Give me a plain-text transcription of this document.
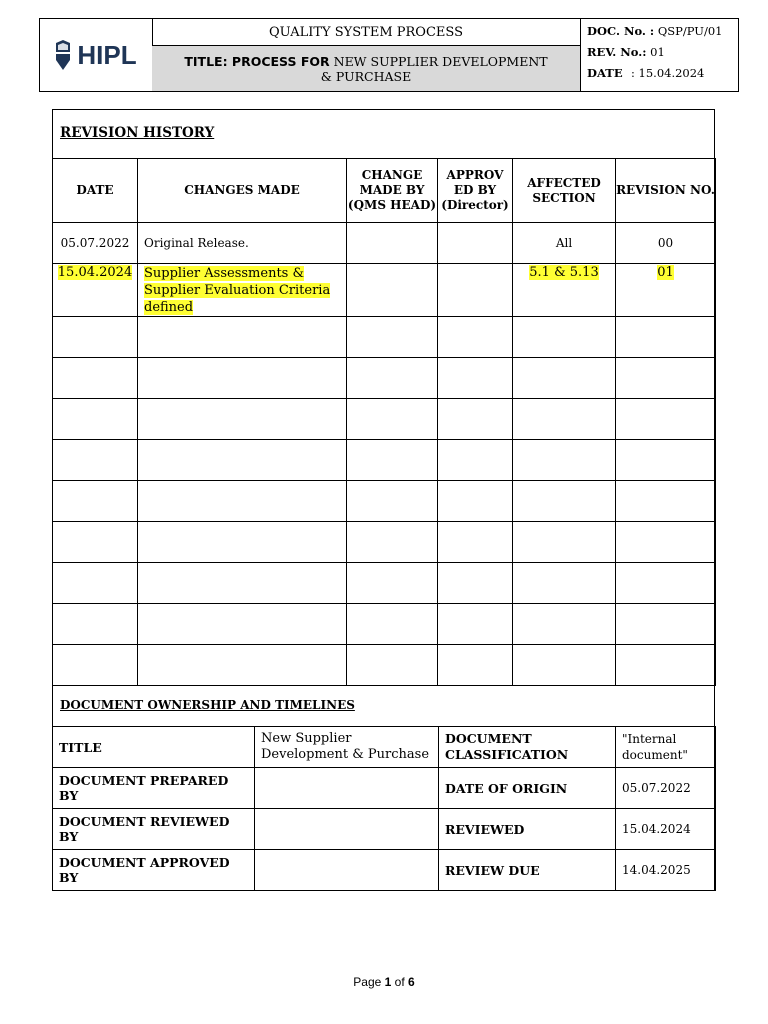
HIPL
QUALITY SYSTEM PROCESS
TITLE: PROCESS FOR NEW SUPPLIER DEVELOPMENT
& PURCHASE
DOC. No. :
QSP/PU/01
REV. No.:
01
DATE : 15.04.2024
REVISION HISTORY
DATE	CHANGES MADE	CHANGE MADE BY (QMS HEAD)	APPROV ED BY (Director)	AFFECTED SECTION	REVISION NO.
05.07.2022	Original Release.			All	00
15.04.2024	Supplier Assessments & Supplier Evaluation Criteria defined			5.1 & 5.13	01

DOCUMENT OWNERSHIP AND TIMELINES
TITLE	New Supplier Development & Purchase	DOCUMENT CLASSIFICATION	"Internal document"
DOCUMENT PREPARED BY		DATE OF ORIGIN	05.07.2022
DOCUMENT REVIEWED BY		REVIEWED	15.04.2024
DOCUMENT APPROVED BY		REVIEW DUE	14.04.2025
Page 1 of 6
